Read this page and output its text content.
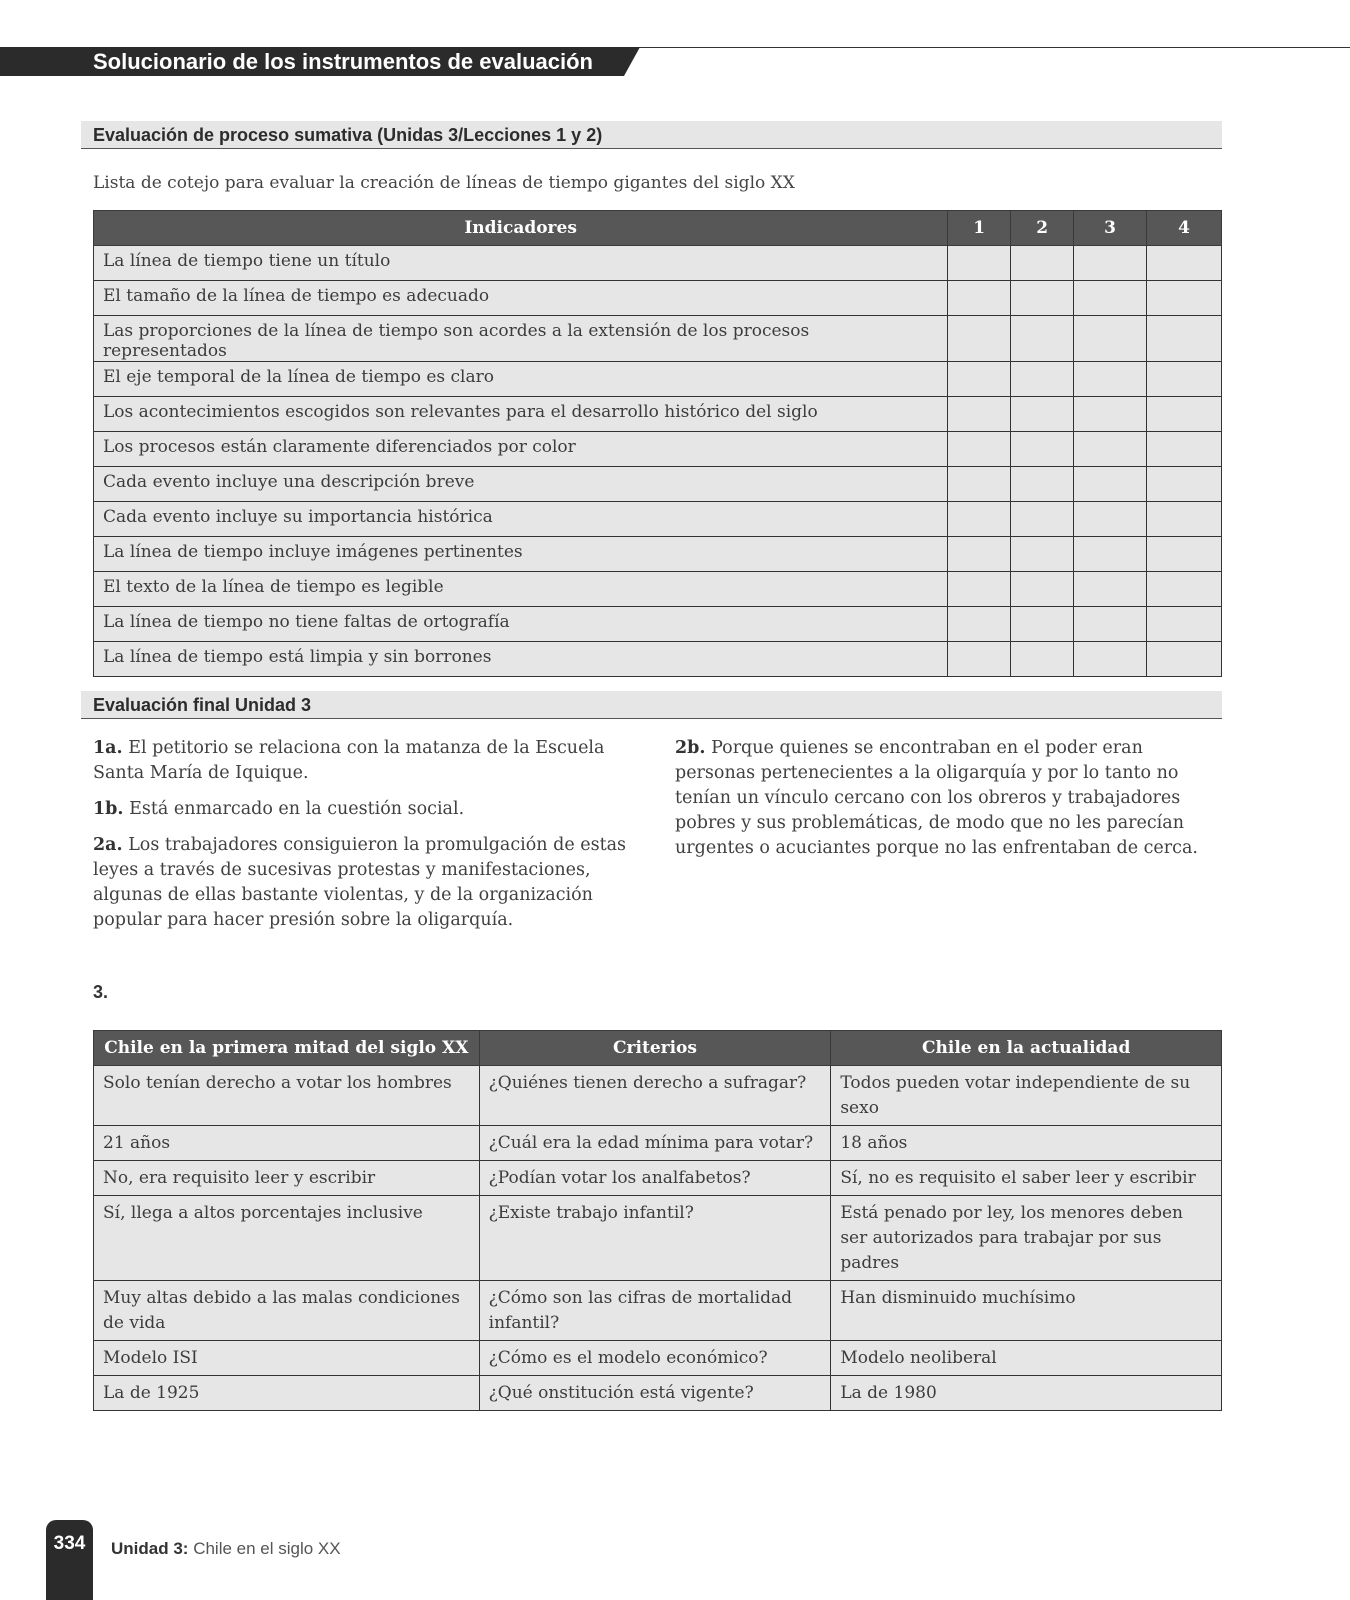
Solucionario de los instrumentos de evaluación
Evaluación de proceso sumativa (Unidas 3/Lecciones 1 y 2)
Lista de cotejo para evaluar la creación de líneas de tiempo gigantes del siglo XX
Indicadores	1	2	3	4
La línea de tiempo tiene un título				
El tamaño de la línea de tiempo es adecuado				
Las proporciones de la línea de tiempo son acordes a la extensión de los procesos representados				
El eje temporal de la línea de tiempo es claro				
Los acontecimientos escogidos son relevantes para el desarrollo histórico del siglo				
Los procesos están claramente diferenciados por color				
Cada evento incluye una descripción breve				
Cada evento incluye su importancia histórica				
La línea de tiempo incluye imágenes pertinentes				
El texto de la línea de tiempo es legible				
La línea de tiempo no tiene faltas de ortografía				
La línea de tiempo está limpia y sin borrones				
Evaluación final Unidad 3

1a. El petitorio se relaciona con la matanza de la Escuela Santa María de Iquique.

1b. Está enmarcado en la cuestión social.

2a. Los trabajadores consiguieron la promulgación de estas leyes a través de sucesivas protestas y manifestaciones, algunas de ellas bastante violentas, y de la organización popular para hacer presión sobre la oligarquía.

2b. Porque quienes se encontraban en el poder eran personas pertenecientes a la oligarquía y por lo tanto no tenían un vínculo cercano con los obreros y trabajadores pobres y sus problemáticas, de modo que no les parecían urgentes o acuciantes porque no las enfrentaban de cerca.

3.
Chile en la primera mitad del siglo XX	Criterios	Chile en la actualidad
Solo tenían derecho a votar los hombres	¿Quiénes tienen derecho a sufragar?	Todos pueden votar independiente de su sexo
21 años	¿Cuál era la edad mínima para votar?	18 años
No, era requisito leer y escribir	¿Podían votar los analfabetos?	Sí, no es requisito el saber leer y escribir
Sí, llega a altos porcentajes inclusive	¿Existe trabajo infantil?	Está penado por ley, los menores deben ser autorizados para trabajar por sus padres
Muy altas debido a las malas condiciones de vida	¿Cómo son las cifras de mortalidad infantil?	Han disminuido muchísimo
Modelo ISI	¿Cómo es el modelo económico?	Modelo neoliberal
La de 1925	¿Qué onstitución está vigente?	La de 1980
334	Unidad 3: Chile en el siglo XX
